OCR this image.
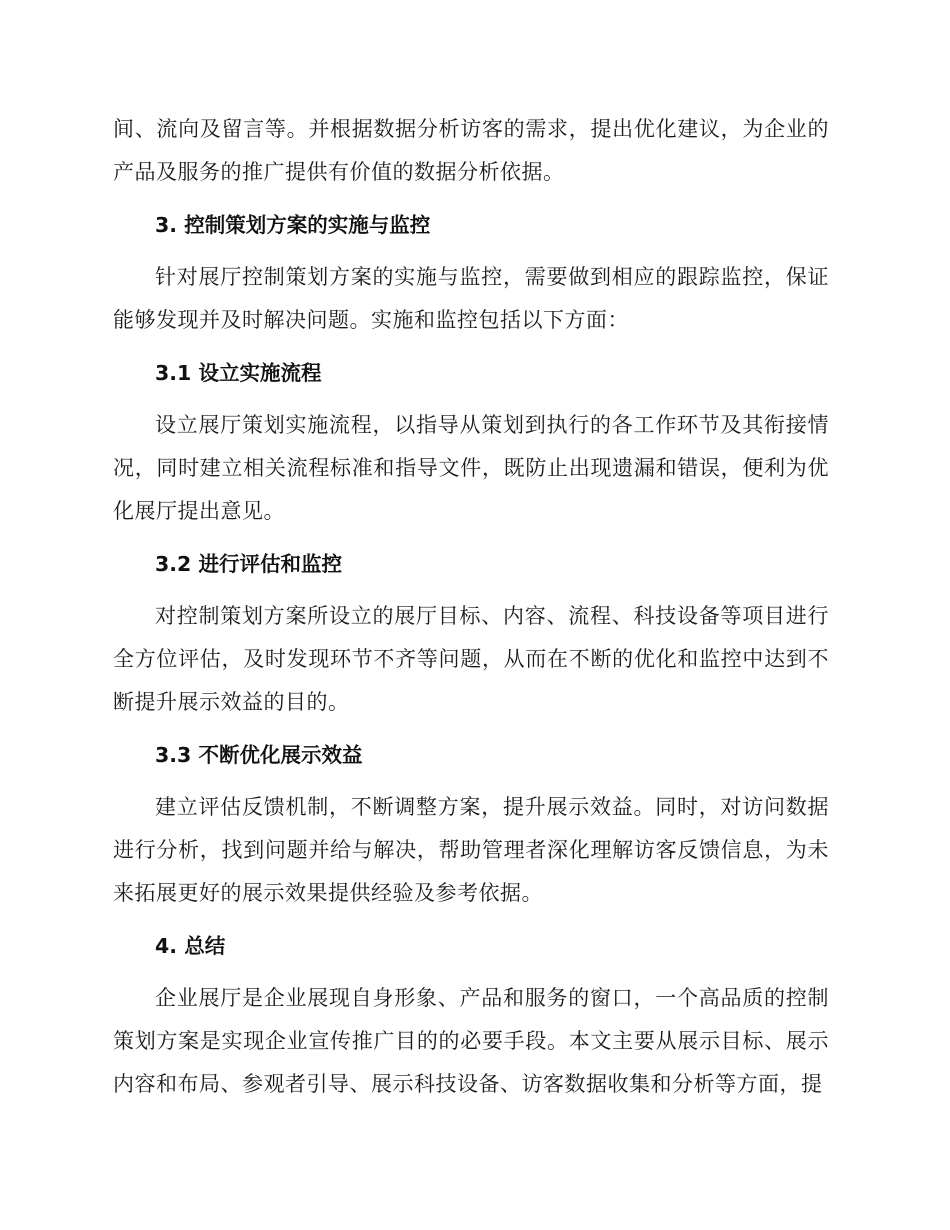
间、流向及留言等。并根据数据分析访客的需求，提出优化建议，为企业的产品及服务的推广提供有价值的数据分析依据。

3. 控制策划方案的实施与监控

针对展厅控制策划方案的实施与监控，需要做到相应的跟踪监控，保证能够发现并及时解决问题。实施和监控包括以下方面：

3.1 设立实施流程

设立展厅策划实施流程，以指导从策划到执行的各工作环节及其衔接情况，同时建立相关流程标准和指导文件，既防止出现遗漏和错误，便利为优化展厅提出意见。

3.2 进行评估和监控

对控制策划方案所设立的展厅目标、内容、流程、科技设备等项目进行全方位评估，及时发现环节不齐等问题，从而在不断的优化和监控中达到不断提升展示效益的目的。

3.3 不断优化展示效益

建立评估反馈机制，不断调整方案，提升展示效益。同时，对访问数据进行分析，找到问题并给与解决，帮助管理者深化理解访客反馈信息，为未来拓展更好的展示效果提供经验及参考依据。

4. 总结

企业展厅是企业展现自身形象、产品和服务的窗口，一个高品质的控制策划方案是实现企业宣传推广目的的必要手段。本文主要从展示目标、展示内容和布局、参观者引导、展示科技设备、访客数据收集和分析等方面，提
